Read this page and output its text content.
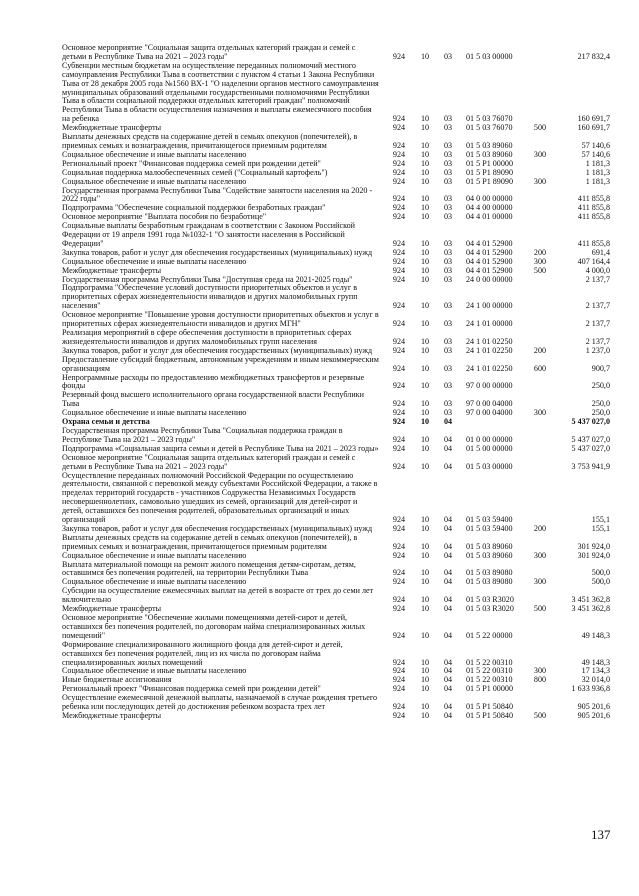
Основное мероприятие "Социальная защита отдельных категорий граждан и семей с детьми в Республике Тыва на 2021 – 2023 годы"	924	10	03	01 5 03 00000		217 832,4
Субвенции местным бюджетам на осуществление переданных полномочий местного самоуправления Республики Тыва в соответствии с пунктом 4 статьи 1 Закона Республики Тыва от 28 декабря 2005 года №1560 ВХ-1 "О наделении органов местного самоуправления муниципальных образований отдельными государственными полномочиями Республики Тыва в области социальной поддержки отдельных категорий граждан" полномочий Республики Тыва в области осуществления назначения и выплаты ежемесячного пособия на ребенка	924	10	03	01 5 03 76070		160 691,7
Межбюджетные трансферты	924	10	03	01 5 03 76070	500	160 691,7
Выплаты денежных средств на содержание детей в семьях опекунов (попечителей), в приемных семьях и вознаграждения, причитающегося приемным родителям	924	10	03	01 5 03 89060		57 140,6
Социальное обеспечение и иные выплаты населению	924	10	03	01 5 03 89060	300	57 140,6
Региональный проект "Финансовая поддержка семей при рождении детей"	924	10	03	01 5 P1 00000		1 181,3
Социальная поддержка малообеспеченных семей ("Социальный картофель")	924	10	03	01 5 P1 89090		1 181,3
Социальное обеспечение и иные выплаты населению	924	10	03	01 5 P1 89090	300	1 181,3
Государственная программа Республики Тыва "Содействие занятости населения на 2020 - 2022 годы"	924	10	03	04 0 00 00000		411 855,8
Подпрограмма "Обеспечение социальной поддержки безработных граждан"	924	10	03	04 4 00 00000		411 855,8
Основное мероприятие "Выплата пособия по безработице"	924	10	03	04 4 01 00000		411 855,8
Социальные выплаты безработным гражданам в соответствии с Законом Российской Федерации от 19 апреля 1991 года №1032-1 "О занятости населения в Российской Федерации"	924	10	03	04 4 01 52900		411 855,8
Закупка товаров, работ и услуг для обеспечения государственных (муниципальных) нужд	924	10	03	04 4 01 52900	200	691,4
Социальное обеспечение и иные выплаты населению	924	10	03	04 4 01 52900	300	407 164,4
Межбюджетные трансферты	924	10	03	04 4 01 52900	500	4 000,0
Государственная программа Республики Тыва "Доступная среда на 2021-2025 годы"	924	10	03	24 0 00 00000		2 137,7
Подпрограмма "Обеспечение условий доступности приоритетных объектов и услуг в приоритетных сферах жизнедеятельности инвалидов и других маломобильных групп населения"	924	10	03	24 1 00 00000		2 137,7
Основное мероприятие "Повышение уровня доступности приоритетных объектов и услуг в приоритетных сферах жизнедеятельности инвалидов и других МГН"	924	10	03	24 1 01 00000		2 137,7
Реализация мероприятий в сфере обеспечения доступности в приоритетных сферах жизнедеятельности инвалидов и других маломобильных групп населения	924	10	03	24 1 01 02250		2 137,7
Закупка товаров, работ и услуг для обеспечения государственных (муниципальных) нужд	924	10	03	24 1 01 02250	200	1 237,0
Предоставление субсидий бюджетным, автономным учреждениям и иным некоммерческим организациям	924	10	03	24 1 01 02250	600	900,7
Непрограммные расходы по предоставлению межбюджетных трансфертов и резервные фонды	924	10	03	97 0 00 00000		250,0
Резервный фонд высшего исполнительного органа государственной власти Республики Тыва	924	10	03	97 0 00 04000		250,0
Социальное обеспечение и иные выплаты населению	924	10	03	97 0 00 04000	300	250,0
Охрана семьи и детства	924	10	04			5 437 027,0
Государственная программа Республики Тыва "Социальная поддержка граждан в Республике Тыва на 2021 – 2023 годы"	924	10	04	01 0 00 00000		5 437 027,0
Подпрограмма «Социальная защита семьи и детей в Республике Тыва на 2021 – 2023 годы»	924	10	04	01 5 00 00000		5 437 027,0
Основное мероприятие "Социальная защита отдельных категорий граждан и семей с детьми в Республике Тыва на 2021 – 2023 годы"	924	10	04	01 5 03 00000		3 753 941,9
Осуществление переданных полномочий Российской Федерации по осуществлению деятельности, связанной с перевозкой между субъектами Российской Федерации, а также в пределах территорий государств - участников Содружества Независимых Государств несовершеннолетних, самовольно ушедших из семей, организаций для детей-сирот и детей, оставшихся без попечения родителей, образовательных организаций и иных организаций	924	10	04	01 5 03 59400		155,1
Закупка товаров, работ и услуг для обеспечения государственных (муниципальных) нужд	924	10	04	01 5 03 59400	200	155,1
Выплаты денежных средств на содержание детей в семьях опекунов (попечителей), в приемных семьях и вознаграждения, причитающегося приемным родителям	924	10	04	01 5 03 89060		301 924,0
Социальное обеспечение и иные выплаты населению	924	10	04	01 5 03 89060	300	301 924,0
Выплата материальной помощи на ремонт жилого помещения детям-сиротам, детям, оставшимся без попечения родителей, на территории Республики Тыва	924	10	04	01 5 03 89080		500,0
Социальное обеспечение и иные выплаты населению	924	10	04	01 5 03 89080	300	500,0
Субсидии на осуществление ежемесячных выплат на детей в возрасте от трех до семи лет включительно	924	10	04	01 5 03 R3020		3 451 362,8
Межбюджетные трансферты	924	10	04	01 5 03 R3020	500	3 451 362,8
Основное мероприятие "Обеспечение жилыми помещениями детей-сирот и детей, оставшихся без попечения родителей, по договорам найма специализированных жилых помещений"	924	10	04	01 5 22 00000		49 148,3
Формирование специализированного жилищного фонда для детей-сирот и детей, оставшихся без попечения родителей, лиц из их числа по договорам найма специализированных жилых помещений	924	10	04	01 5 22 00310		49 148,3
Социальное обеспечение и иные выплаты населению	924	10	04	01 5 22 00310	300	17 134,3
Иные бюджетные ассигнования	924	10	04	01 5 22 00310	800	32 014,0
Региональный проект "Финансовая поддержка семей при рождении детей"	924	10	04	01 5 P1 00000		1 633 936,8
Осуществление ежемесячной денежной выплаты, назначаемой в случае рождения третьего ребенка или последующих детей до достижения ребенком возраста трех лет	924	10	04	01 5 P1 50840		905 201,6
Межбюджетные трансферты	924	10	04	01 5 P1 50840	500	905 201,6
137
